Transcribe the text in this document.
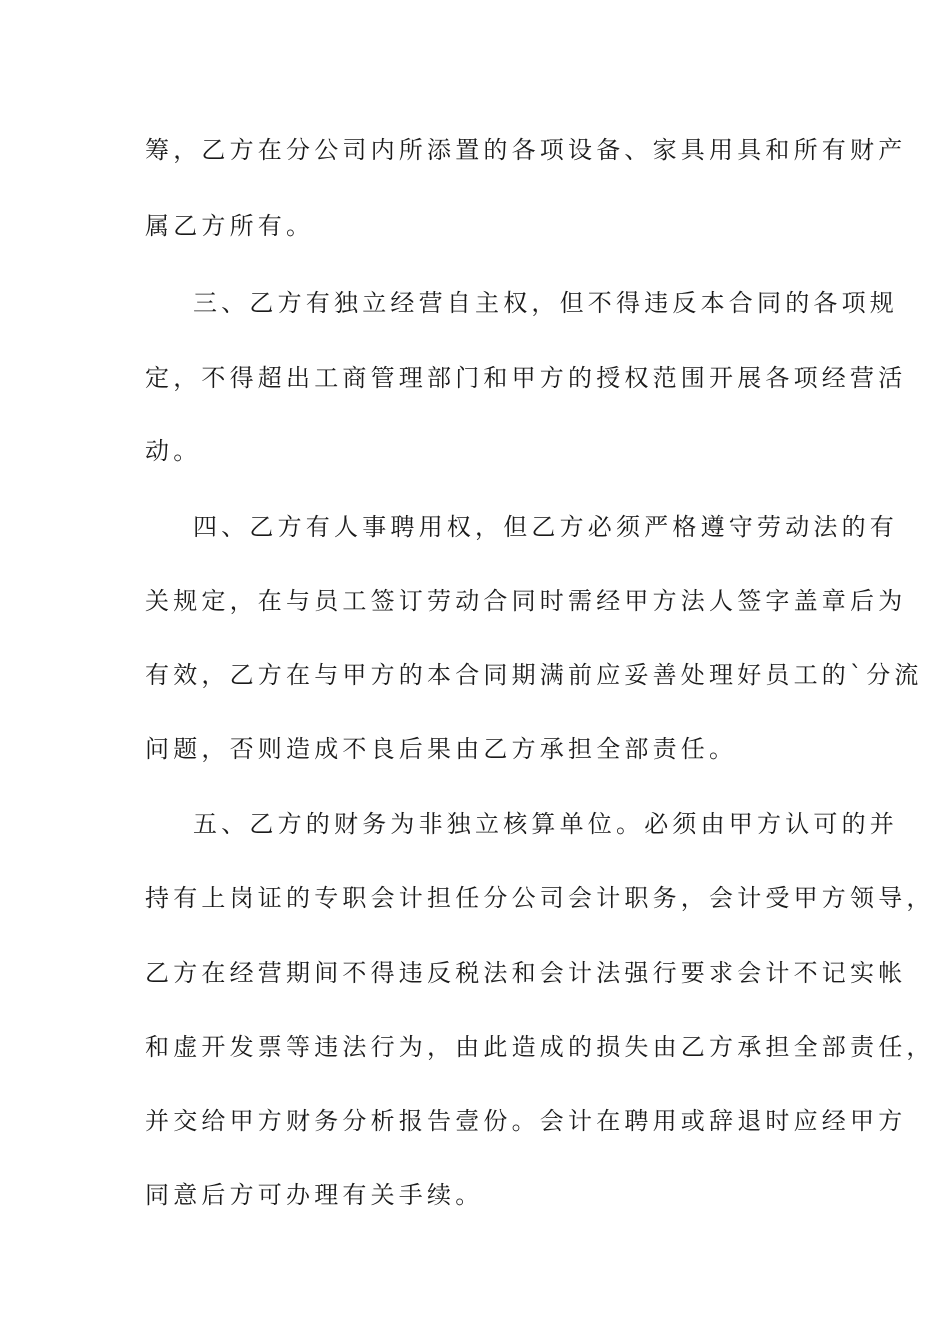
筹，乙方在分公司内所添置的各项设备、家具用具和所有财产
属乙方所有。
三、乙方有独立经营自主权，但不得违反本合同的各项规
定，不得超出工商管理部门和甲方的授权范围开展各项经营活
动。
四、乙方有人事聘用权，但乙方必须严格遵守劳动法的有
关规定，在与员工签订劳动合同时需经甲方法人签字盖章后为
有效，乙方在与甲方的本合同期满前应妥善处理好员工的`分流
问题，否则造成不良后果由乙方承担全部责任。
五、乙方的财务为非独立核算单位。必须由甲方认可的并
持有上岗证的专职会计担任分公司会计职务，会计受甲方领导，
乙方在经营期间不得违反税法和会计法强行要求会计不记实帐
和虚开发票等违法行为，由此造成的损失由乙方承担全部责任，
并交给甲方财务分析报告壹份。会计在聘用或辞退时应经甲方
同意后方可办理有关手续。
